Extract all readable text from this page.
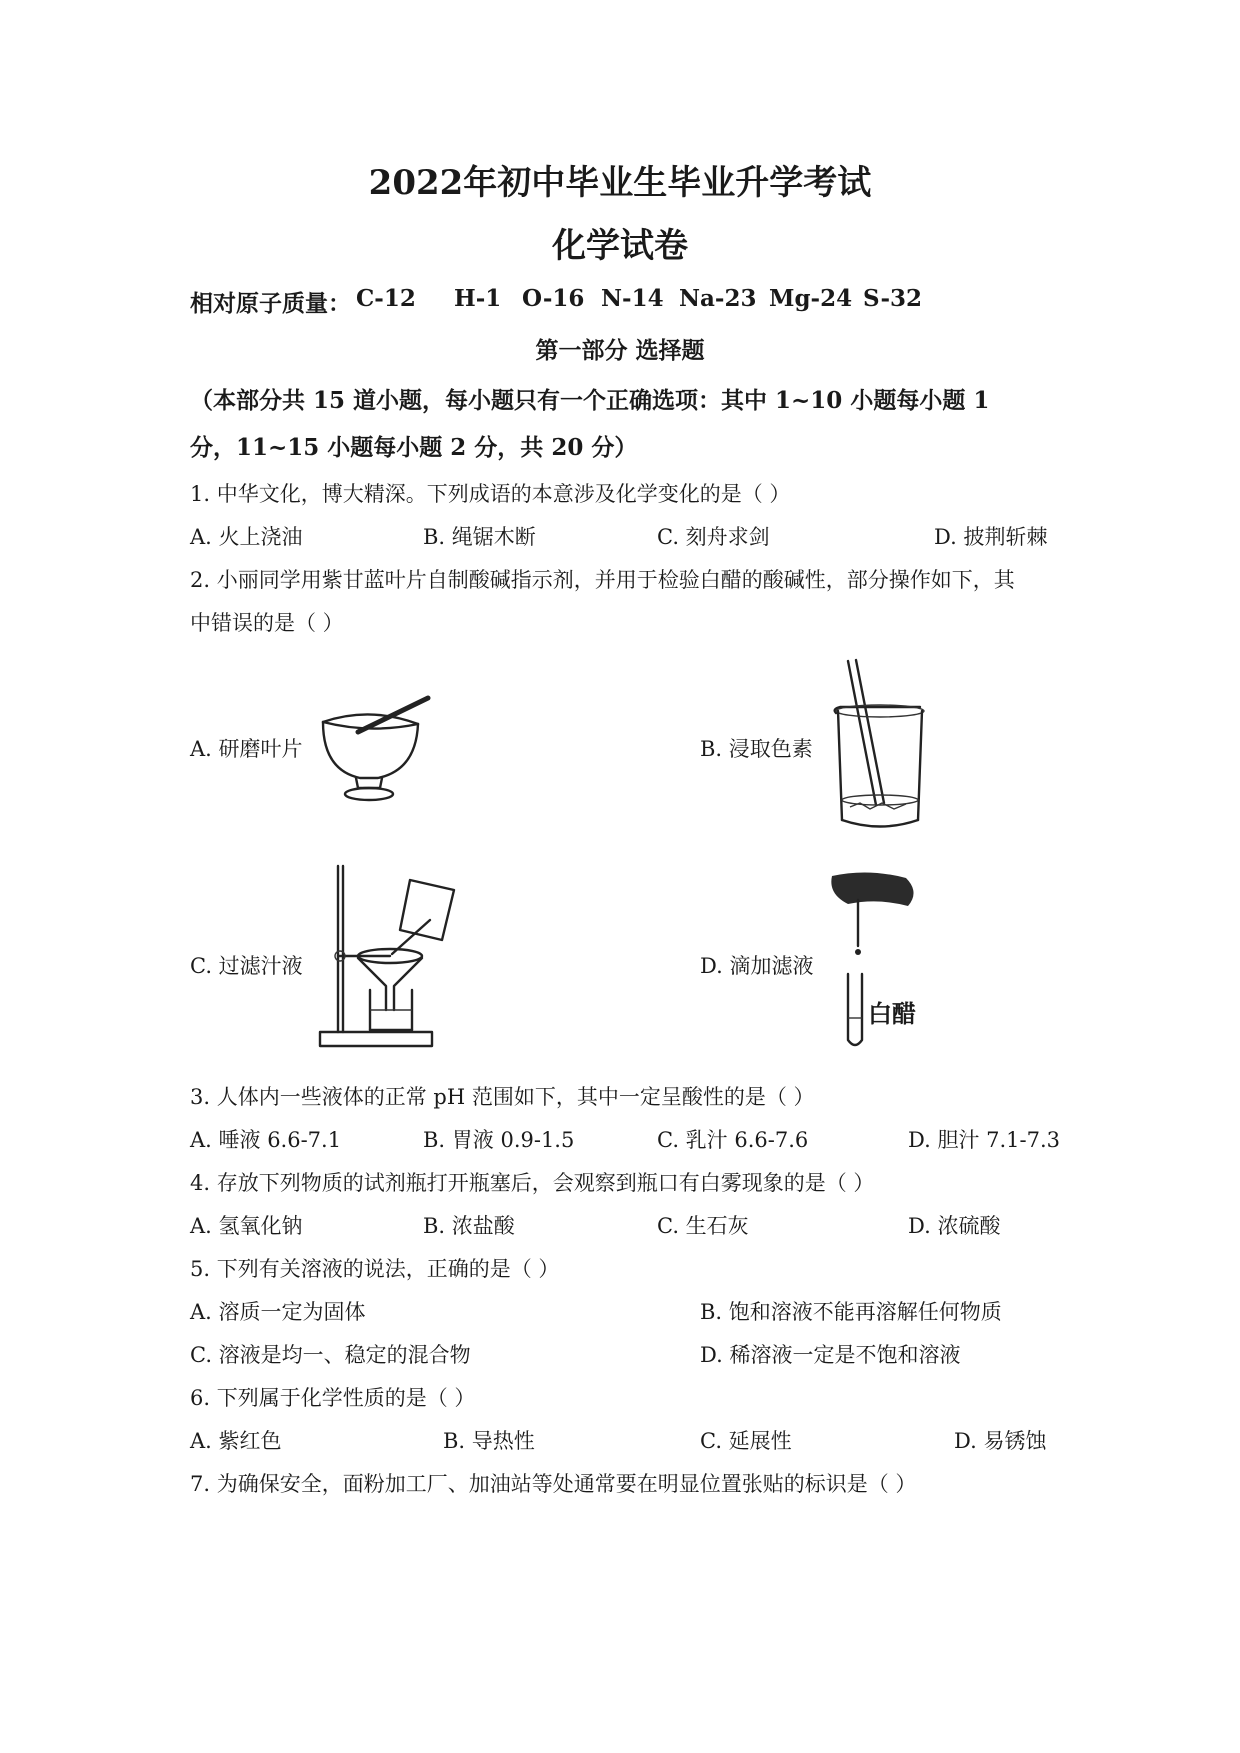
2022年初中毕业生毕业升学考试
化学试卷
相对原子质量： C-12 H-1 O-16 N-14 Na-23 Mg-24 S-32
第一部分 选择题
（本部分共 15 道小题，每小题只有一个正确选项：其中 1~10 小题每小题 1
分，11~15 小题每小题 2 分，共 20 分）
1. 中华文化，博大精深。下列成语的本意涉及化学变化的是（ ）
A. 火上浇油	B. 绳锯木断	C. 刻舟求剑	D. 披荆斩棘
2. 小丽同学用紫甘蓝叶片自制酸碱指示剂，并用于检验白醋的酸碱性，部分操作如下，其
中错误的是（ ）
A. 研磨叶片	B. 浸取色素
C. 过滤汁液	D. 滴加滤液
白醋
3. 人体内一些液体的正常 pH 范围如下，其中一定呈酸性的是（ ）
A. 唾液 6.6-7.1	B. 胃液 0.9-1.5	C. 乳汁 6.6-7.6	D. 胆汁 7.1-7.3
4. 存放下列物质的试剂瓶打开瓶塞后，会观察到瓶口有白雾现象的是（ ）
A. 氢氧化钠	B. 浓盐酸	C. 生石灰	D. 浓硫酸
5. 下列有关溶液的说法，正确的是（ ）
A. 溶质一定为固体	B. 饱和溶液不能再溶解任何物质
C. 溶液是均一、稳定的混合物	D. 稀溶液一定是不饱和溶液
6. 下列属于化学性质的是（ ）
A. 紫红色	B. 导热性	C. 延展性	D. 易锈蚀
7. 为确保安全，面粉加工厂、加油站等处通常要在明显位置张贴的标识是（ ）
